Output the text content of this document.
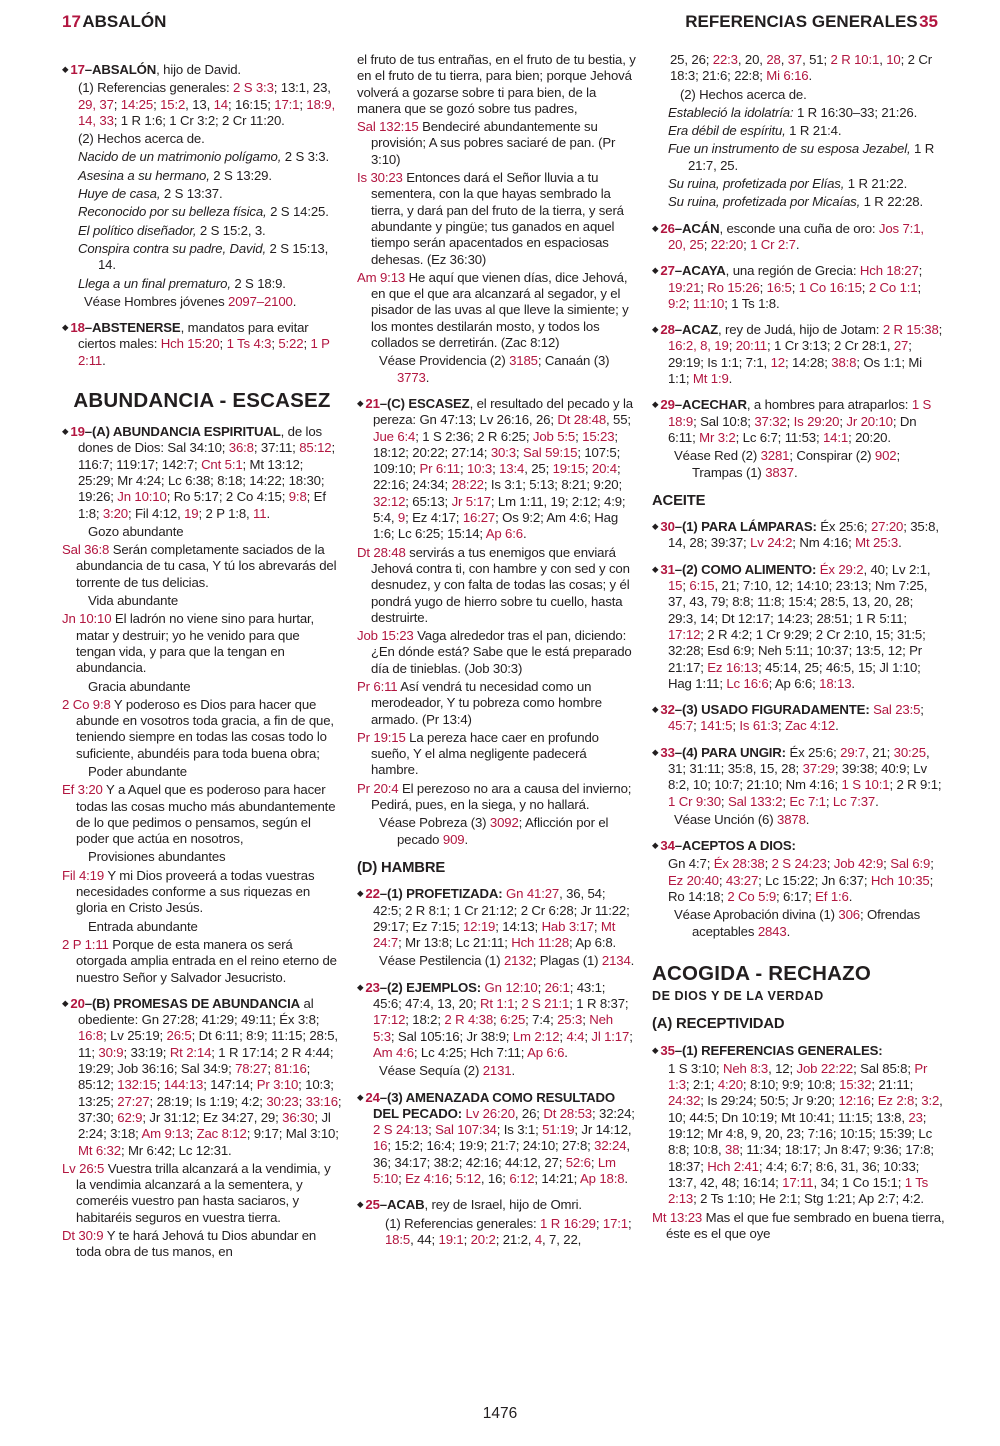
17 ABSALÓN	REFERENCIAS GENERALES 35
◆ 17–ABSALÓN, hijo de David.
(1) Referencias generales: 2 S 3:3; 13:1, 23, 29, 37; 14:25; 15:2, 13, 14; 16:15; 17:1; 18:9, 14, 33; 1 R 1:6; 1 Cr 3:2; 2 Cr 11:20.
(2) Hechos acerca de.
Nacido de un matrimonio polígamo, 2 S 3:3.
Asesina a su hermano, 2 S 13:29.
Huye de casa, 2 S 13:37.
Reconocido por su belleza física, 2 S 14:25.
El político diseñador, 2 S 15:2, 3.
Conspira contra su padre, David, 2 S 15:13, 14.
Llega a un final prematuro, 2 S 18:9.
Véase Hombres jóvenes 2097–2100.
◆ 18–ABSTENERSE, mandatos para evitar ciertos males: Hch 15:20; 1 Ts 4:3; 5:22; 1 P 2:11.
ABUNDANCIA - ESCASEZ
◆ 19–(A) ABUNDANCIA ESPIRITUAL, de los dones de Dios: Sal 34:10; 36:8; 37:11; 85:12; 116:7; 119:17; 142:7; Cnt 5:1; Mt 13:12; 25:29; Mr 4:24; Lc 6:38; 8:18; 14:22; 18:30; 19:26; Jn 10:10; Ro 5:17; 2 Co 4:15; 9:8; Ef 1:8; 3:20; Fil 4:12, 19; 2 P 1:8, 11.
Gozo abundante
Sal 36:8 Serán completamente saciados de la abundancia de tu casa, Y tú los abrevarás del torrente de tus delicias.
Vida abundante
Jn 10:10 El ladrón no viene sino para hurtar, matar y destruir; yo he venido para que tengan vida, y para que la tengan en abundancia.
Gracia abundante
2 Co 9:8 Y poderoso es Dios para hacer que abunde en vosotros toda gracia, a fin de que, teniendo siempre en todas las cosas todo lo suficiente, abundéis para toda buena obra;
Poder abundante
Ef 3:20 Y a Aquel que es poderoso para hacer todas las cosas mucho más abundantemente de lo que pedimos o pensamos, según el poder que actúa en nosotros,
Provisiones abundantes
Fil 4:19 Y mi Dios proveerá a todas vuestras necesidades conforme a sus riquezas en gloria en Cristo Jesús.
Entrada abundante
2 P 1:11 Porque de esta manera os será otorgada amplia entrada en el reino eterno de nuestro Señor y Salvador Jesucristo.
◆ 20–(B) PROMESAS DE ABUNDANCIA al obediente: Gn 27:28; 41:29; 49:11; Éx 3:8; 16:8; Lv 25:19; 26:5; Dt 6:11; 8:9; 11:15; 28:5, 11; 30:9; 33:19; Rt 2:14; 1 R 17:14; 2 R 4:44; 19:29; Job 36:16; Sal 34:9; 78:27; 81:16; 85:12; 132:15; 144:13; 147:14; Pr 3:10; 10:3; 13:25; 27:27; 28:19; Is 1:19; 4:2; 30:23; 33:16; 37:30; 62:9; Jr 31:12; Ez 34:27, 29; 36:30; Jl 2:24; 3:18; Am 9:13; Zac 8:12; 9:17; Mal 3:10; Mt 6:32; Mr 6:42; Lc 12:31.
Lv 26:5 Vuestra trilla alcanzará a la vendimia, y la vendimia alcanzará a la sementera, y comeréis vuestro pan hasta saciaros, y habitaréis seguros en vuestra tierra.
Dt 30:9 Y te hará Jehová tu Dios abundar en toda obra de tus manos, en
el fruto de tus entrañas, en el fruto de tu bestia, y en el fruto de tu tierra, para bien; porque Jehová volverá a gozarse sobre ti para bien, de la manera que se gozó sobre tus padres,
Sal 132:15 Bendeciré abundantemente su provisión; A sus pobres saciaré de pan. (Pr 3:10)
Is 30:23 Entonces dará el Señor lluvia a tu sementera, con la que hayas sembrado la tierra, y dará pan del fruto de la tierra, y será abundante y pingüe; tus ganados en aquel tiempo serán apacentados en espaciosas dehesas. (Ez 36:30)
Am 9:13 He aquí que vienen días, dice Jehová, en que el que ara alcanzará al segador, y el pisador de las uvas al que lleve la simiente; y los montes destilarán mosto, y todos los collados se derretirán. (Zac 8:12)
Véase Providencia (2) 3185; Canaán (3) 3773.
◆ 21–(C) ESCASEZ, el resultado del pecado y la pereza: Gn 47:13; Lv 26:16, 26; Dt 28:48, 55; Jue 6:4; 1 S 2:36; 2 R 6:25; Job 5:5; 15:23; 18:12; 20:22; 27:14; 30:3; Sal 59:15; 107:5; 109:10; Pr 6:11; 10:3; 13:4, 25; 19:15; 20:4; 22:16; 24:34; 28:22; Is 3:1; 5:13; 8:21; 9:20; 32:12; 65:13; Jr 5:17; Lm 1:11, 19; 2:12; 4:9; 5:4, 9; Ez 4:17; 16:27; Os 9:2; Am 4:6; Hag 1:6; Lc 6:25; 15:14; Ap 6:6.
Dt 28:48 servirás a tus enemigos que enviará Jehová contra ti, con hambre y con sed y con desnudez, y con falta de todas las cosas; y él pondrá yugo de hierro sobre tu cuello, hasta destruirte.
Job 15:23 Vaga alrededor tras el pan, diciendo: ¿En dónde está? Sabe que le está preparado día de tinieblas. (Job 30:3)
Pr 6:11 Así vendrá tu necesidad como un merodeador, Y tu pobreza como hombre armado. (Pr 13:4)
Pr 19:15 La pereza hace caer en profundo sueño, Y el alma negligente padecerá hambre.
Pr 20:4 El perezoso no ara a causa del invierno; Pedirá, pues, en la siega, y no hallará.
Véase Pobreza (3) 3092; Aflicción por el pecado 909.
(D) HAMBRE
◆ 22–(1) PROFETIZADA: Gn 41:27, 36, 54; 42:5; 2 R 8:1; 1 Cr 21:12; 2 Cr 6:28; Jr 11:22; 29:17; Ez 7:15; 12:19; 14:13; Hab 3:17; Mt 24:7; Mr 13:8; Lc 21:11; Hch 11:28; Ap 6:8.
Véase Pestilencia (1) 2132; Plagas (1) 2134.
◆ 23–(2) EJEMPLOS: Gn 12:10; 26:1; 43:1; 45:6; 47:4, 13, 20; Rt 1:1; 2 S 21:1; 1 R 8:37; 17:12; 18:2; 2 R 4:38; 6:25; 7:4; 25:3; Neh 5:3; Sal 105:16; Jr 38:9; Lm 2:12; 4:4; Jl 1:17; Am 4:6; Lc 4:25; Hch 7:11; Ap 6:6.
Véase Sequía (2) 2131.
◆ 24–(3) AMENAZADA COMO RESULTADO DEL PECADO: Lv 26:20, 26; Dt 28:53; 32:24; 2 S 24:13; Sal 107:34; Is 3:1; 51:19; Jr 14:12, 16; 15:2; 16:4; 19:9; 21:7; 24:10; 27:8; 32:24, 36; 34:17; 38:2; 42:16; 44:12, 27; 52:6; Lm 5:10; Ez 4:16; 5:12, 16; 6:12; 14:21; Ap 18:8.
◆ 25–ACAB, rey de Israel, hijo de Omri.
(1) Referencias generales: 1 R 16:29; 17:1; 18:5, 44; 19:1; 20:2; 21:2, 4, 7, 22,
25, 26; 22:3, 20, 28, 37, 51; 2 R 10:1, 10; 2 Cr 18:3; 21:6; 22:8; Mi 6:16.
(2) Hechos acerca de.
Estableció la idolatría: 1 R 16:30–33; 21:26.
Era débil de espíritu, 1 R 21:4.
Fue un instrumento de su esposa Jezabel, 1 R 21:7, 25.
Su ruina, profetizada por Elías, 1 R 21:22.
Su ruina, profetizada por Micaías, 1 R 22:28.
◆ 26–ACÁN, esconde una cuña de oro: Jos 7:1, 20, 25; 22:20; 1 Cr 2:7.
◆ 27–ACAYA, una región de Grecia: Hch 18:27; 19:21; Ro 15:26; 16:5; 1 Co 16:15; 2 Co 1:1; 9:2; 11:10; 1 Ts 1:8.
◆ 28–ACAZ, rey de Judá, hijo de Jotam: 2 R 15:38; 16:2, 8, 19; 20:11; 1 Cr 3:13; 2 Cr 28:1, 27; 29:19; Is 1:1; 7:1, 12; 14:28; 38:8; Os 1:1; Mi 1:1; Mt 1:9.
◆ 29–ACECHAR, a hombres para atraparlos: 1 S 18:9; Sal 10:8; 37:32; Is 29:20; Jr 20:10; Dn 6:11; Mr 3:2; Lc 6:7; 11:53; 14:1; 20:20.
Véase Red (2) 3281; Conspirar (2) 902; Trampas (1) 3837.
ACEITE
◆ 30–(1) PARA LÁMPARAS: Éx 25:6; 27:20; 35:8, 14, 28; 39:37; Lv 24:2; Nm 4:16; Mt 25:3.
◆ 31–(2) COMO ALIMENTO: Éx 29:2, 40; Lv 2:1, 15; 6:15, 21; 7:10, 12; 14:10; 23:13; Nm 7:25, 37, 43, 79; 8:8; 11:8; 15:4; 28:5, 13, 20, 28; 29:3, 14; Dt 12:17; 14:23; 28:51; 1 R 5:11; 17:12; 2 R 4:2; 1 Cr 9:29; 2 Cr 2:10, 15; 31:5; 32:28; Esd 6:9; Neh 5:11; 10:37; 13:5, 12; Pr 21:17; Ez 16:13; 45:14, 25; 46:5, 15; Jl 1:10; Hag 1:11; Lc 16:6; Ap 6:6; 18:13.
◆ 32–(3) USADO FIGURADAMENTE: Sal 23:5; 45:7; 141:5; Is 61:3; Zac 4:12.
◆ 33–(4) PARA UNGIR: Éx 25:6; 29:7, 21; 30:25, 31; 31:11; 35:8, 15, 28; 37:29; 39:38; 40:9; Lv 8:2, 10; 10:7; 21:10; Nm 4:16; 1 S 10:1; 2 R 9:1; 1 Cr 9:30; Sal 133:2; Ec 7:1; Lc 7:37.
Véase Unción (6) 3878.
◆ 34–ACEPTOS A DIOS:
Gn 4:7; Éx 28:38; 2 S 24:23; Job 42:9; Sal 6:9; Ez 20:40; 43:27; Lc 15:22; Jn 6:37; Hch 10:35; Ro 14:18; 2 Co 5:9; 6:17; Ef 1:6.
Véase Aprobación divina (1) 306; Ofrendas aceptables 2843.
ACOGIDA - RECHAZO
DE DIOS Y DE LA VERDAD
(A) RECEPTIVIDAD
◆ 35–(1) REFERENCIAS GENERALES:
1 S 3:10; Neh 8:3, 12; Job 22:22; Sal 85:8; Pr 1:3; 2:1; 4:20; 8:10; 9:9; 10:8; 15:32; 21:11; 24:32; Is 29:24; 50:5; Jr 9:20; 12:16; Ez 2:8; 3:2, 10; 44:5; Dn 10:19; Mt 10:41; 11:15; 13:8, 23; 19:12; Mr 4:8, 9, 20, 23; 7:16; 10:15; 15:39; Lc 8:8; 10:8, 38; 11:34; 18:17; Jn 8:47; 9:36; 17:8; 18:37; Hch 2:41; 4:4; 6:7; 8:6, 31, 36; 10:33; 13:7, 42, 48; 16:14; 17:11, 34; 1 Co 15:1; 1 Ts 2:13; 2 Ts 1:10; He 2:1; Stg 1:21; Ap 2:7; 4:2.
Mt 13:23 Mas el que fue sembrado en buena tierra, éste es el que oye
1476
